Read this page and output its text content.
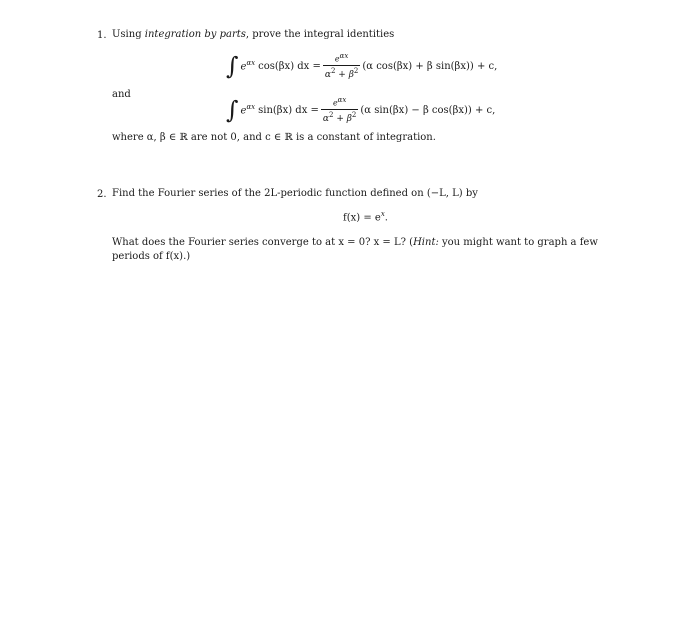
1. Using integration by parts, prove the integral identities
∫ $e^{\alpha x}$ cos(βx) dx = $\frac{e^{\alpha x}}{\alpha^2 + \beta^2} (\alpha$ cos(βx) + β sin(βx)) + c,
and
∫ $e^{\alpha x}$ sin(βx) dx = $\frac{e^{\alpha x}}{\alpha^2 + \beta^2} (\alpha$ sin(βx) − β cos(βx)) + c,
where α, β ∈ ℝ are not 0, and c ∈ ℝ is a constant of integration.
2. Find the Fourier series of the 2L-periodic function defined on (−L, L) by
$f(x) = e^x$.
What does the Fourier series converge to at x = 0? x = L? (Hint: you might want to graph a few
periods of f(x).)
